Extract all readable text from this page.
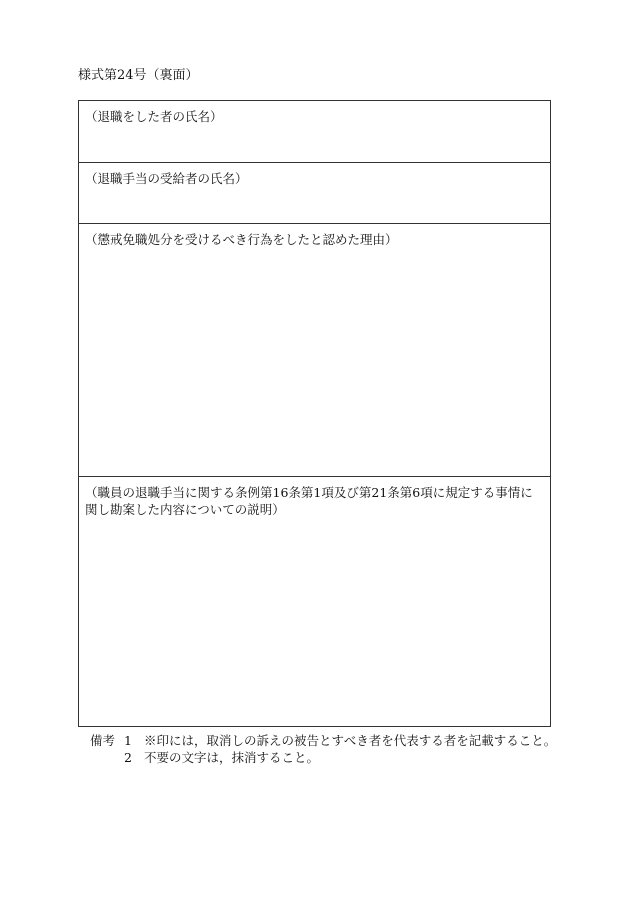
様式第24号（裏面）
（退職をした者の氏名）
（退職手当の受給者の氏名）
（懲戒免職処分を受けるべき行為をしたと認めた理由）
（職員の退職手当に関する条例第16条第1項及び第21条第6項に規定する事情に関し勘案した内容についての説明）
備考 1 ※印には，取消しの訴えの被告とすべき者を代表する者を記載すること。
2 不要の文字は，抹消すること。
